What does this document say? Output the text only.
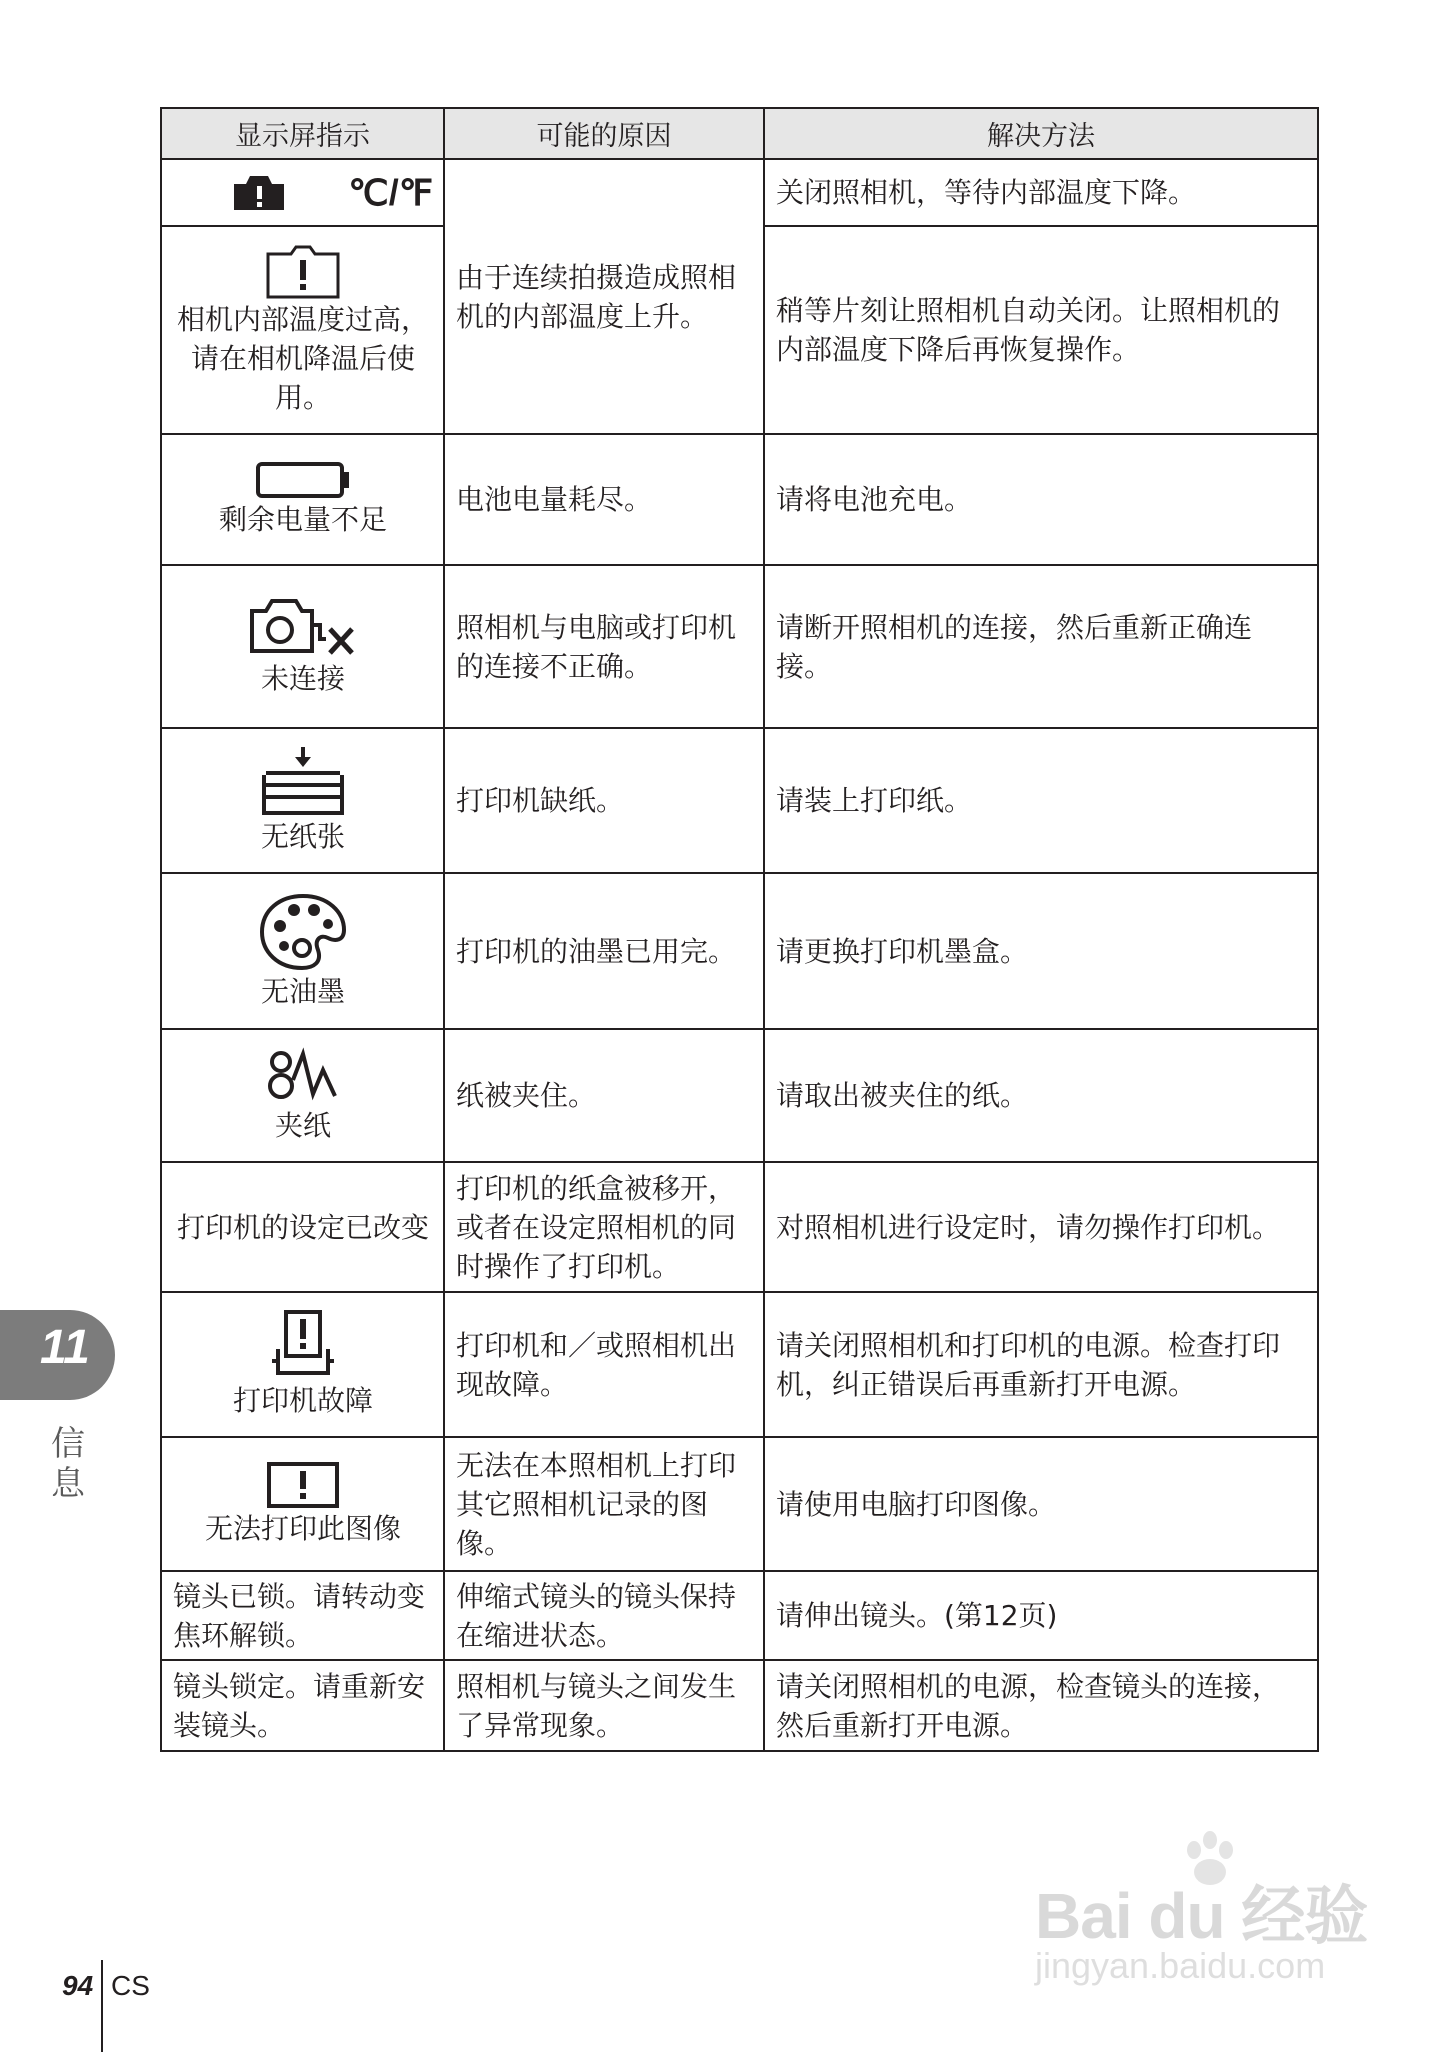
显示屏指示	可能的原因	解决方法

℃/℉	由于连续拍摄造成照相机的内部温度上升。	关闭照相机，等待内部温度下降。

相机内部温度过高，请在相机降温后使用。		稍等片刻让照相机自动关闭。让照相机的内部温度下降后再恢复操作。

剩余电量不足	电池电量耗尽。	请将电池充电。

未连接	照相机与电脑或打印机的连接不正确。	请断开照相机的连接，然后重新正确连接。

无纸张	打印机缺纸。	请装上打印纸。

无油墨	打印机的油墨已用完。	请更换打印机墨盒。

夹纸	纸被夹住。	请取出被夹住的纸。

打印机的设定已改变	打印机的纸盒被移开，或者在设定照相机的同时操作了打印机。	对照相机进行设定时，请勿操作打印机。

打印机故障	打印机和／或照相机出现故障。	请关闭照相机和打印机的电源。检查打印机，纠正错误后再重新打开电源。

无法打印此图像	无法在本照相机上打印其它照相机记录的图像。	请使用电脑打印图像。
镜头已锁。请转动变焦环解锁。	伸缩式镜头的镜头保持在缩进状态。	请伸出镜头。(第12页)
镜头锁定。请重新安装镜头。	照相机与镜头之间发生了异常现象。	请关闭照相机的电源，检查镜头的连接，然后重新打开电源。
11
信息
94 CS
Bai du 经验
jingyan.baidu.com
